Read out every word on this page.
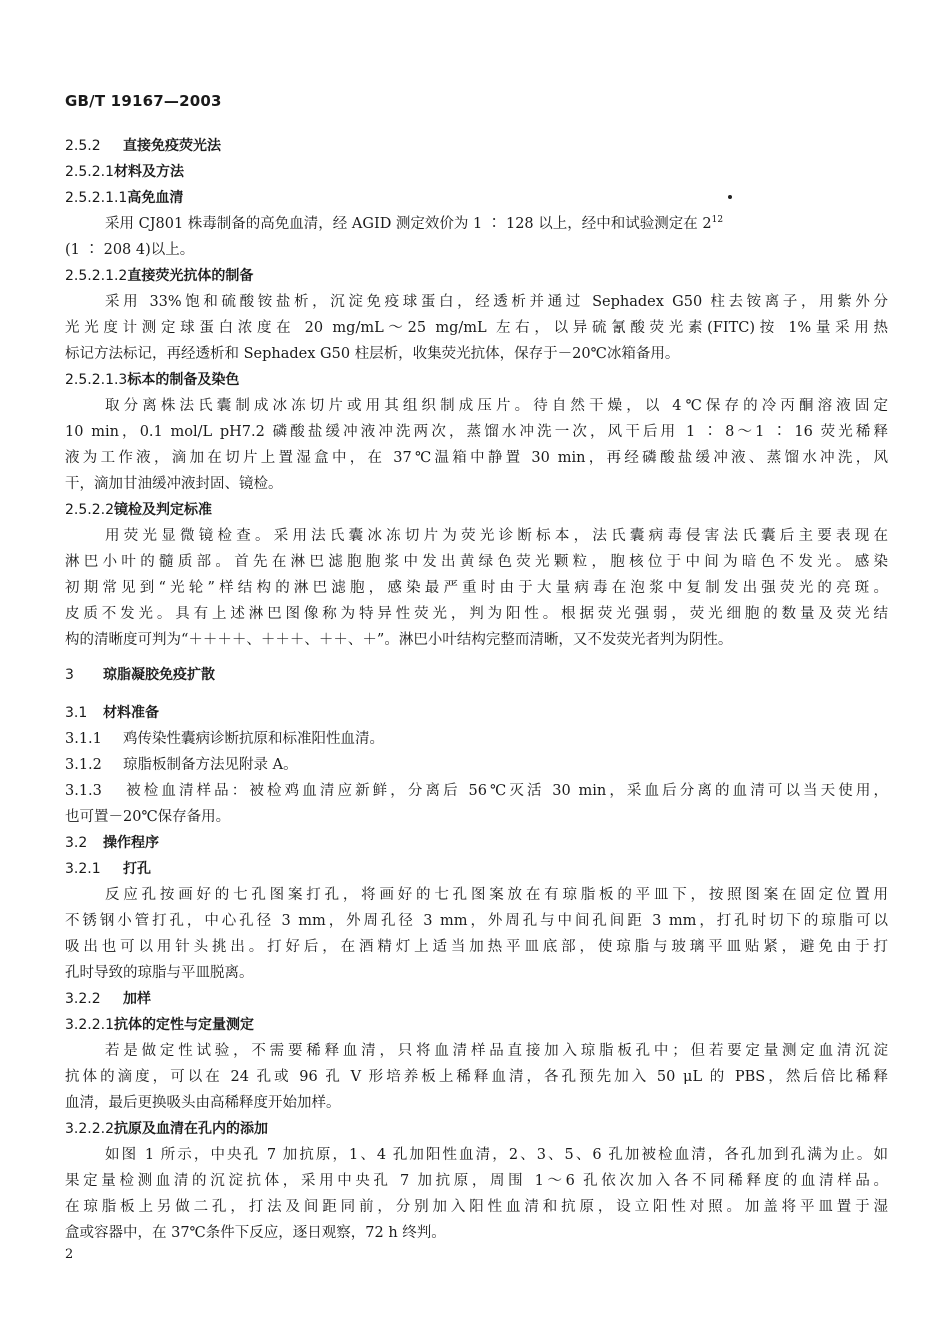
GB/T 19167—2003
2.5.2 直接免疫荧光法
2.5.2.1材料及方法
2.5.2.1.1高免血清
采用 CJ801 株毒制备的高免血清，经 AGID 测定效价为 1 ∶ 128 以上，经中和试验测定在 $2^{12}$
(1 ∶ 208 4)以上。
2.5.2.1.2直接荧光抗体的制备
采用 33%饱和硫酸铵盐析，沉淀免疫球蛋白，经透析并通过 Sephadex G50 柱去铵离子，用紫外分
光光度计测定球蛋白浓度在 20 mg/mL～25 mg/mL 左右，以异硫氰酸荧光素(FITC)按 1%量采用热
标记方法标记，再经透析和 Sephadex G50 柱层析，收集荧光抗体，保存于－20℃冰箱备用。
2.5.2.1.3标本的制备及染色
取分离株法氏囊制成冰冻切片或用其组织制成压片。待自然干燥，以 4℃保存的冷丙酮溶液固定
10 min，0.1 mol/L pH7.2 磷酸盐缓冲液冲洗两次，蒸馏水冲洗一次，风干后用 1 ∶ 8～1 ∶ 16 荧光稀释
液为工作液，滴加在切片上置湿盒中，在 37℃温箱中静置 30 min，再经磷酸盐缓冲液、蒸馏水冲洗，风
干，滴加甘油缓冲液封固、镜检。
2.5.2.2镜检及判定标准
用荧光显微镜检查。采用法氏囊冰冻切片为荧光诊断标本，法氏囊病毒侵害法氏囊后主要表现在
淋巴小叶的髓质部。首先在淋巴滤胞胞浆中发出黄绿色荧光颗粒，胞核位于中间为暗色不发光。感染
初期常见到“光轮”样结构的淋巴滤胞，感染最严重时由于大量病毒在泡浆中复制发出强荧光的亮斑。
皮质不发光。具有上述淋巴图像称为特异性荧光，判为阳性。根据荧光强弱，荧光细胞的数量及荧光结
构的清晰度可判为“＋＋＋＋、＋＋＋、＋＋、＋”。淋巴小叶结构完整而清晰，又不发荧光者判为阴性。
3 琼脂凝胶免疫扩散
3.1 材料准备
3.1.1 鸡传染性囊病诊断抗原和标准阳性血清。
3.1.2 琼脂板制备方法见附录 A。
3.1.3 被检血清样品：被检鸡血清应新鲜，分离后 56℃灭活 30 min，采血后分离的血清可以当天使用，
也可置－20℃保存备用。
3.2 操作程序
3.2.1 打孔
反应孔按画好的七孔图案打孔，将画好的七孔图案放在有琼脂板的平皿下，按照图案在固定位置用
不锈钢小管打孔，中心孔径 3 mm，外周孔径 3 mm，外周孔与中间孔间距 3 mm，打孔时切下的琼脂可以
吸出也可以用针头挑出。打好后，在酒精灯上适当加热平皿底部，使琼脂与玻璃平皿贴紧，避免由于打
孔时导致的琼脂与平皿脱离。
3.2.2 加样
3.2.2.1抗体的定性与定量测定
若是做定性试验，不需要稀释血清，只将血清样品直接加入琼脂板孔中；但若要定量测定血清沉淀
抗体的滴度，可以在 24 孔或 96 孔 V 形培养板上稀释血清，各孔预先加入 50 μL 的 PBS，然后倍比稀释
血清，最后更换吸头由高稀释度开始加样。
3.2.2.2抗原及血清在孔内的添加
如图 1 所示，中央孔 7 加抗原，1、4 孔加阳性血清，2、3、5、6 孔加被检血清，各孔加到孔满为止。如
果定量检测血清的沉淀抗体，采用中央孔 7 加抗原，周围 1～6 孔依次加入各不同稀释度的血清样品。
在琼脂板上另做二孔，打法及间距同前，分别加入阳性血清和抗原，设立阳性对照。加盖将平皿置于湿
盒或容器中，在 37℃条件下反应，逐日观察，72 h 终判。
2
